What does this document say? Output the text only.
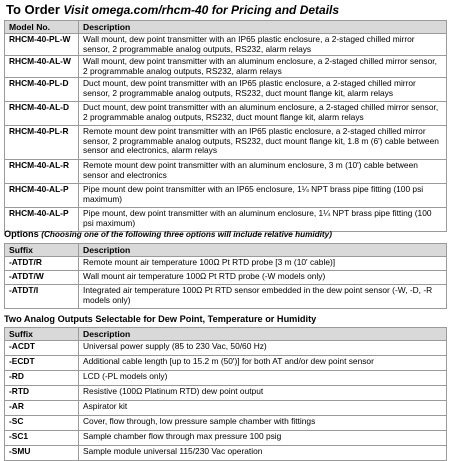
To Order Visit omega.com/rhcm-40 for Pricing and Details
Model No.	Description
RHCM-40-PL-W	Wall mount, dew point transmitter with an IP65 plastic enclosure, a 2-staged chilled mirror sensor, 2 programmable analog outputs, RS232, alarm relays
RHCM-40-AL-W	Wall mount, dew point transmitter with an aluminum enclosure, a 2-staged chilled mirror sensor, 2 programmable analog outputs, RS232, alarm relays
RHCM-40-PL-D	Duct mount, dew point transmitter with an IP65 plastic enclosure, a 2-staged chilled mirror sensor, 2 programmable analog outputs, RS232, duct mount flange kit, alarm relays
RHCM-40-AL-D	Duct mount, dew point transmitter with an aluminum enclosure, a 2-staged chilled mirror sensor, 2 programmable analog outputs, RS232, duct mount flange kit, alarm relays
RHCM-40-PL-R	Remote mount dew point transmitter with an IP65 plastic enclosure, a 2-staged chilled mirror sensor, 2 programmable analog outputs, RS232, duct mount flange kit, 1.8 m (6') cable between sensor and electronics, alarm relays
RHCM-40-AL-R	Remote mount dew point transmitter with an aluminum enclosure, 3 m (10') cable between sensor and electronics
RHCM-40-AL-P	Pipe mount dew point transmitter with an IP65 enclosure, 1¼ NPT brass pipe fitting (100 psi maximum)
RHCM-40-AL-P	Pipe mount, dew point transmitter with an aluminum enclosure, 1¼ NPT brass pipe fitting (100 psi maximum)
Options (Choosing one of the following three options will include relative humidity)
Suffix	Description
-ATDT/R	Remote mount air temperature 100Ω Pt RTD probe [3 m (10' cable)]
-ATDT/W	Wall mount air temperature 100Ω Pt RTD probe (-W models only)
-ATDT/I	Integrated air temperature 100Ω Pt RTD sensor embedded in the dew point sensor (-W, -D, -R models only)
Two Analog Outputs Selectable for Dew Point, Temperature or Humidity
Suffix	Description
-ACDT	Universal power supply (85 to 230 Vac, 50/60 Hz)
-ECDT	Additional cable length [up to 15.2 m (50')] for both AT and/or dew point sensor
-RD	LCD (-PL models only)
-RTD	Resistive (100Ω Platinum RTD) dew point output
-AR	Aspirator kit
-SC	Cover, flow through, low pressure sample chamber with fittings
-SC1	Sample chamber flow through max pressure 100 psig
-SMU	Sample module universal 115/230 Vac operation
